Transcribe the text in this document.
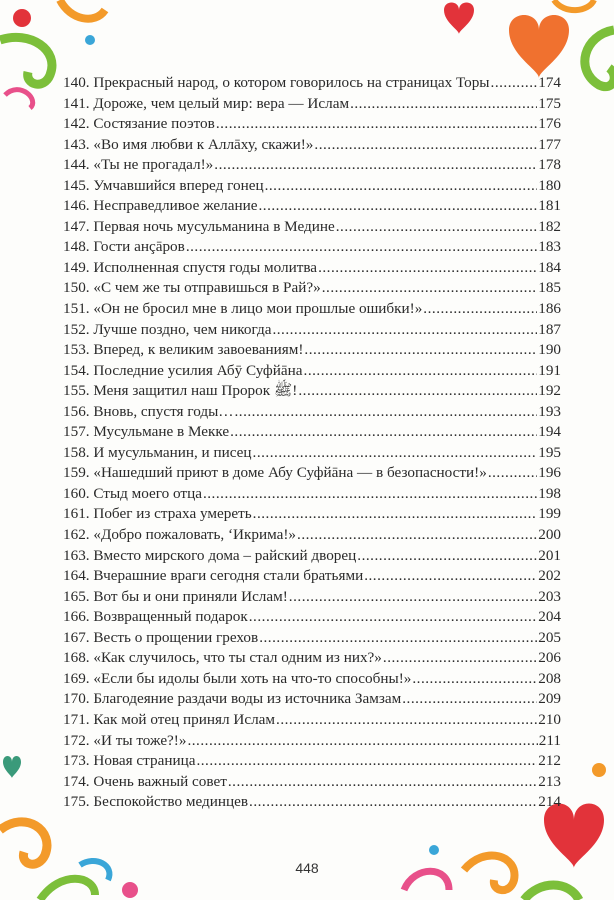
140. Прекрасный народ, о котором говорилось на страницах Торы .....	174
141. Дороже, чем целый мир: вера — Ислам .....	175
142. Состязание поэтов .....	176
143. «Во имя любви к Аллāху, скажи!» .....	177
144. «Ты не прогадал!» .....	178
145. Умчавшийся вперед гонец .....	180
146. Несправедливое желание .....	181
147. Первая ночь мусульманина в Медине .....	182
148. Гости анçāров .....	183
149. Исполненная спустя годы молитва .....	184
150. «С чем же ты отправишься в Рай?» .....	185
151. «Он не бросил мне в лицо мои прошлые ошибки!» .....	186
152. Лучше поздно, чем никогда .....	187
153. Вперед, к великим завоеваниям! .....	190
154. Последние усилия Абӯ Суфйāна .....	191
155. Меня защитил наш Пророк ﷺ! .....	192
156. Вновь, спустя годы… .....	193
157. Мусульмане в Мекке .....	194
158. И мусульманин, и писец .....	195
159. «Нашедший приют в доме Абу Суфйāна — в безопасности!» .....	196
160. Стыд моего отца .....	198
161. Побег из страха умереть .....	199
162. «Добро пожаловать, ‘Икрима!» .....	200
163. Вместо мирского дома – райский дворец .....	201
164. Вчерашние враги сегодня стали братьями .....	202
165. Вот бы и они приняли Ислам! .....	203
166. Возвращенный подарок .....	204
167. Весть о прощении грехов .....	205
168. «Как случилось, что ты стал одним из них?» .....	206
169. «Если бы идолы были хоть на что-то способны!» .....	208
170. Благодеяние раздачи воды из источника Замзам .....	209
171. Как мой отец принял Ислам .....	210
172. «И ты тоже?!» .....	211
173. Новая страница .....	212
174. Очень важный совет .....	213
175. Беспокойство мединцев .....	214
448
